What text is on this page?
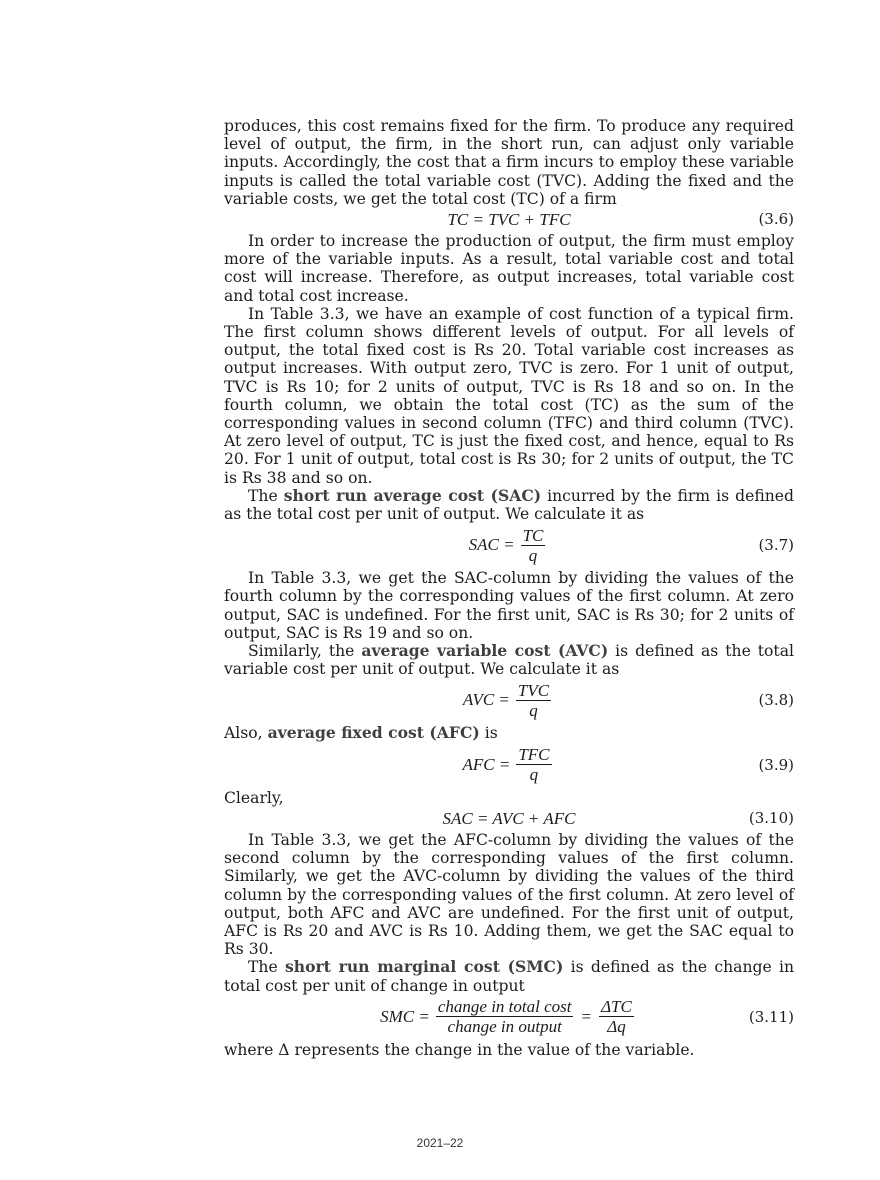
produces, this cost remains fixed for the firm. To produce any required level of output, the firm, in the short run, can adjust only variable inputs. Accordingly, the cost that a firm incurs to employ these variable inputs is called the total variable cost (TVC). Adding the fixed and the variable costs, we get the total cost (TC) of a firm

TC = TVC + TFC	(3.6)

In order to increase the production of output, the firm must employ more of the variable inputs. As a result, total variable cost and total cost will increase. Therefore, as output increases, total variable cost and total cost increase.

In Table 3.3, we have an example of cost function of a typical firm. The first column shows different levels of output. For all levels of output, the total fixed cost is Rs 20. Total variable cost increases as output increases. With output zero, TVC is zero. For 1 unit of output, TVC is Rs 10; for 2 units of output, TVC is Rs 18 and so on. In the fourth column, we obtain the total cost (TC) as the sum of the corresponding values in second column (TFC) and third column (TVC). At zero level of output, TC is just the fixed cost, and hence, equal to Rs 20. For 1 unit of output, total cost is Rs 30; for 2 units of output, the TC is Rs 38 and so on.

The short run average cost (SAC) incurred by the firm is defined as the total cost per unit of output. We calculate it as

SAC = $\frac{TC}{q}$	(3.7)

In Table 3.3, we get the SAC-column by dividing the values of the fourth column by the corresponding values of the first column. At zero output, SAC is undefined. For the first unit, SAC is Rs 30; for 2 units of output, SAC is Rs 19 and so on.

Similarly, the average variable cost (AVC) is defined as the total variable cost per unit of output. We calculate it as

AVC = $\frac{\text{TVC}}{q}$	(3.8)

Also, average fixed cost (AFC) is

AFC = $\frac{\text{TFC}}{q}$	(3.9)

Clearly,

SAC = AVC + AFC	(3.10)

In Table 3.3, we get the AFC-column by dividing the values of the second column by the corresponding values of the first column. Similarly, we get the AVC-column by dividing the values of the third column by the corresponding values of the first column. At zero level of output, both AFC and AVC are undefined. For the first unit of output, AFC is Rs 20 and AVC is Rs 10. Adding them, we get the SAC equal to Rs 30.

The short run marginal cost (SMC) is defined as the change in total cost per unit of change in output

SMC = $\frac{\text{change in total cost}}{\text{change in output}} = \frac{\text{ΔTC}}{\Delta q}$	(3.11)

where Δ represents the change in the value of the variable.

2021–22
